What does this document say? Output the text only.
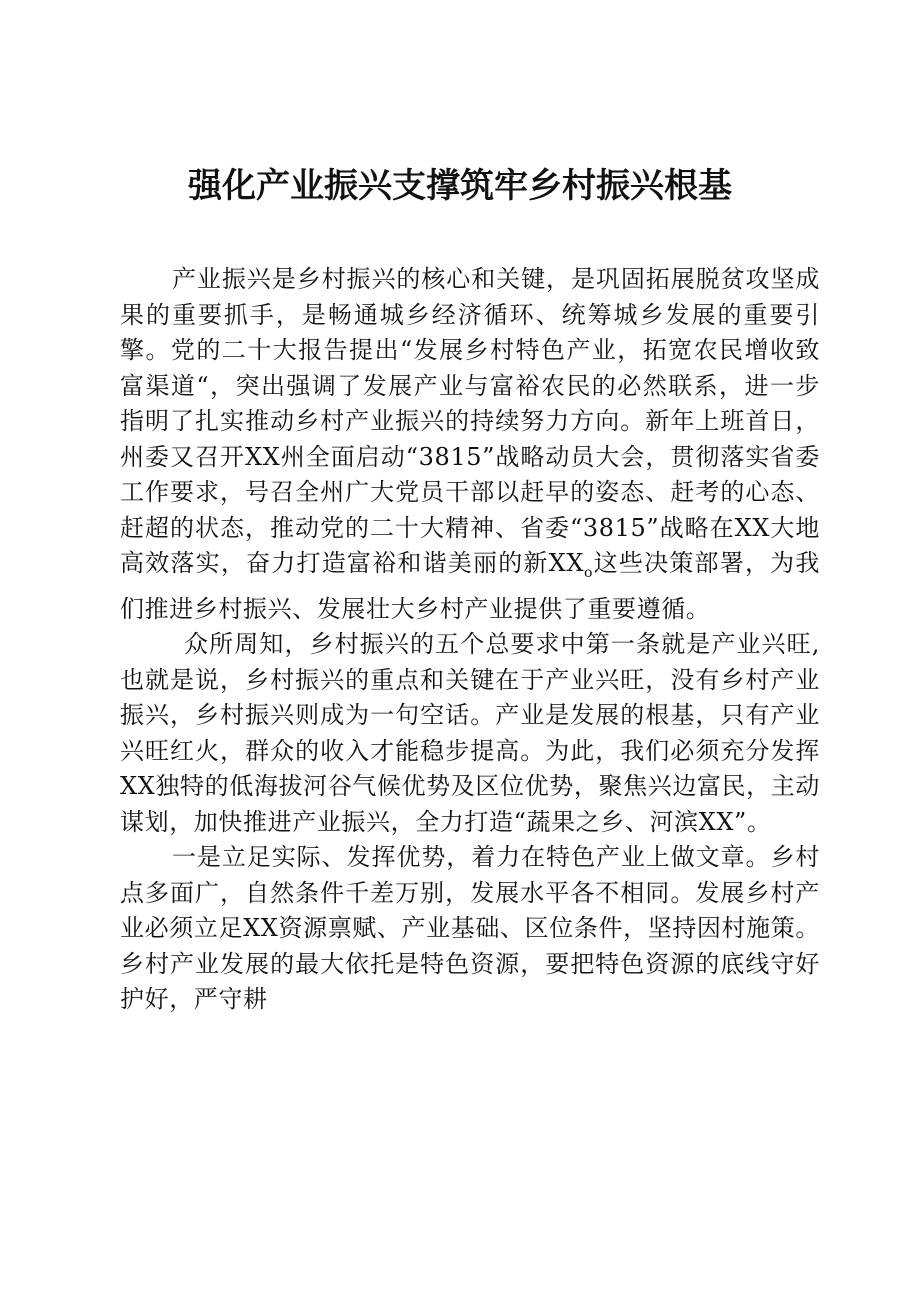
强化产业振兴支撑筑牢乡村振兴根基

产业振兴是乡村振兴的核心和关键，是巩固拓展脱贫攻坚成果的重要抓手，是畅通城乡经济循环、统筹城乡发展的重要引擎。党的二十大报告提出“发展乡村特色产业，拓宽农民增收致富渠道“，突出强调了发展产业与富裕农民的必然联系，进一步指明了扎实推动乡村产业振兴的持续努力方向。新年上班首日，州委又召开XX州全面启动“3815”战略动员大会，贯彻落实省委工作要求，号召全州广大党员干部以赶早的姿态、赶考的心态、赶超的状态，推动党的二十大精神、省委“3815”战略在XX大地高效落实，奋力打造富裕和谐美丽的新$XX_o$这些决策部署，为我们推进乡村振兴、发展壮大乡村产业提供了重要遵循。

众所周知，乡村振兴的五个总要求中第一条就是产业兴旺,也就是说，乡村振兴的重点和关键在于产业兴旺，没有乡村产业振兴，乡村振兴则成为一句空话。产业是发展的根基，只有产业兴旺红火，群众的收入才能稳步提高。为此，我们必须充分发挥XX独特的低海拔河谷气候优势及区位优势，聚焦兴边富民，主动谋划，加快推进产业振兴，全力打造“蔬果之乡、河滨XX”。

一是立足实际、发挥优势，着力在特色产业上做文章。乡村点多面广，自然条件千差万别，发展水平各不相同。发展乡村产业必须立足XX资源禀赋、产业基础、区位条件，坚持因村施策。乡村产业发展的最大依托是特色资源，要把特色资源的底线守好护好，严守耕
